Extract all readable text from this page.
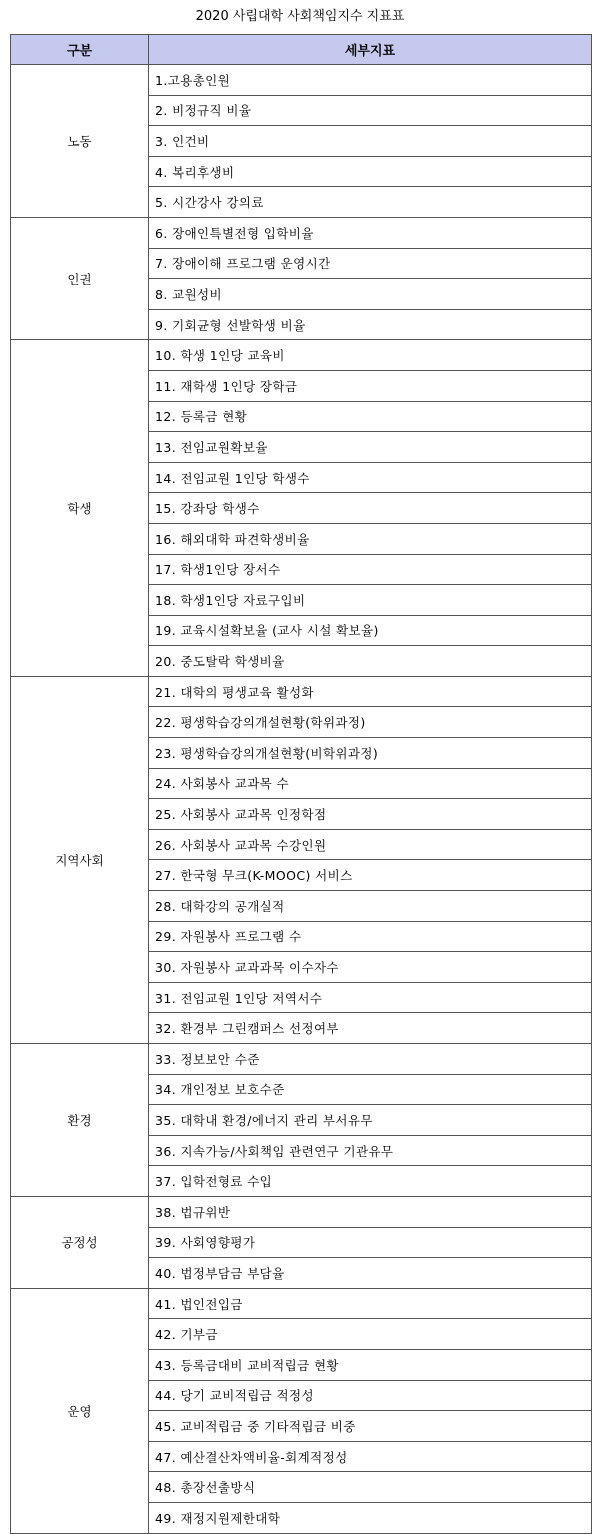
2020 사립대학 사회책임지수 지표표
구분	세부지표
노동	1.고용총인원
	2. 비정규직 비율
	3. 인건비
	4. 복리후생비
	5. 시간강사 강의료
인권	6. 장애인특별전형 입학비율
	7. 장애이해 프로그램 운영시간
	8. 교원성비
	9. 기회균형 선발학생 비율
학생	10. 학생 1인당 교육비
	11. 재학생 1인당 장학금
	12. 등록금 현황
	13. 전임교원확보율
	14. 전임교원 1인당 학생수
	15. 강좌당 학생수
	16. 해외대학 파견학생비율
	17. 학생1인당 장서수
	18. 학생1인당 자료구입비
	19. 교육시설확보율 (교사 시설 확보율)
	20. 중도탈락 학생비율
지역사회	21. 대학의 평생교육 활성화
	22. 평생학습강의개설현황(학위과정)
	23. 평생학습강의개설현황(비학위과정)
	24. 사회봉사 교과목 수
	25. 사회봉사 교과목 인정학점
	26. 사회봉사 교과목 수강인원
	27. 한국형 무크(K-MOOC) 서비스
	28. 대학강의 공개실적
	29. 자원봉사 프로그램 수
	30. 자원봉사 교과과목 이수자수
	31. 전임교원 1인당 저역서수
	32. 환경부 그린캠퍼스 선정여부
환경	33. 정보보안 수준
	34. 개인정보 보호수준
	35. 대학내 환경/에너지 관리 부서유무
	36. 지속가능/사회책임 관련연구 기관유무
	37. 입학전형료 수입
공정성	38. 법규위반
	39. 사회영향평가
	40. 법정부담금 부담율
운영	41. 법인전입금
	42. 기부금
	43. 등록금대비 교비적립금 현황
	44. 당기 교비적립금 적정성
	45. 교비적립금 중 기타적립금 비중
	47. 예산결산차액비율-회계적정성
	48. 총장선출방식
	49. 재정지원제한대학
